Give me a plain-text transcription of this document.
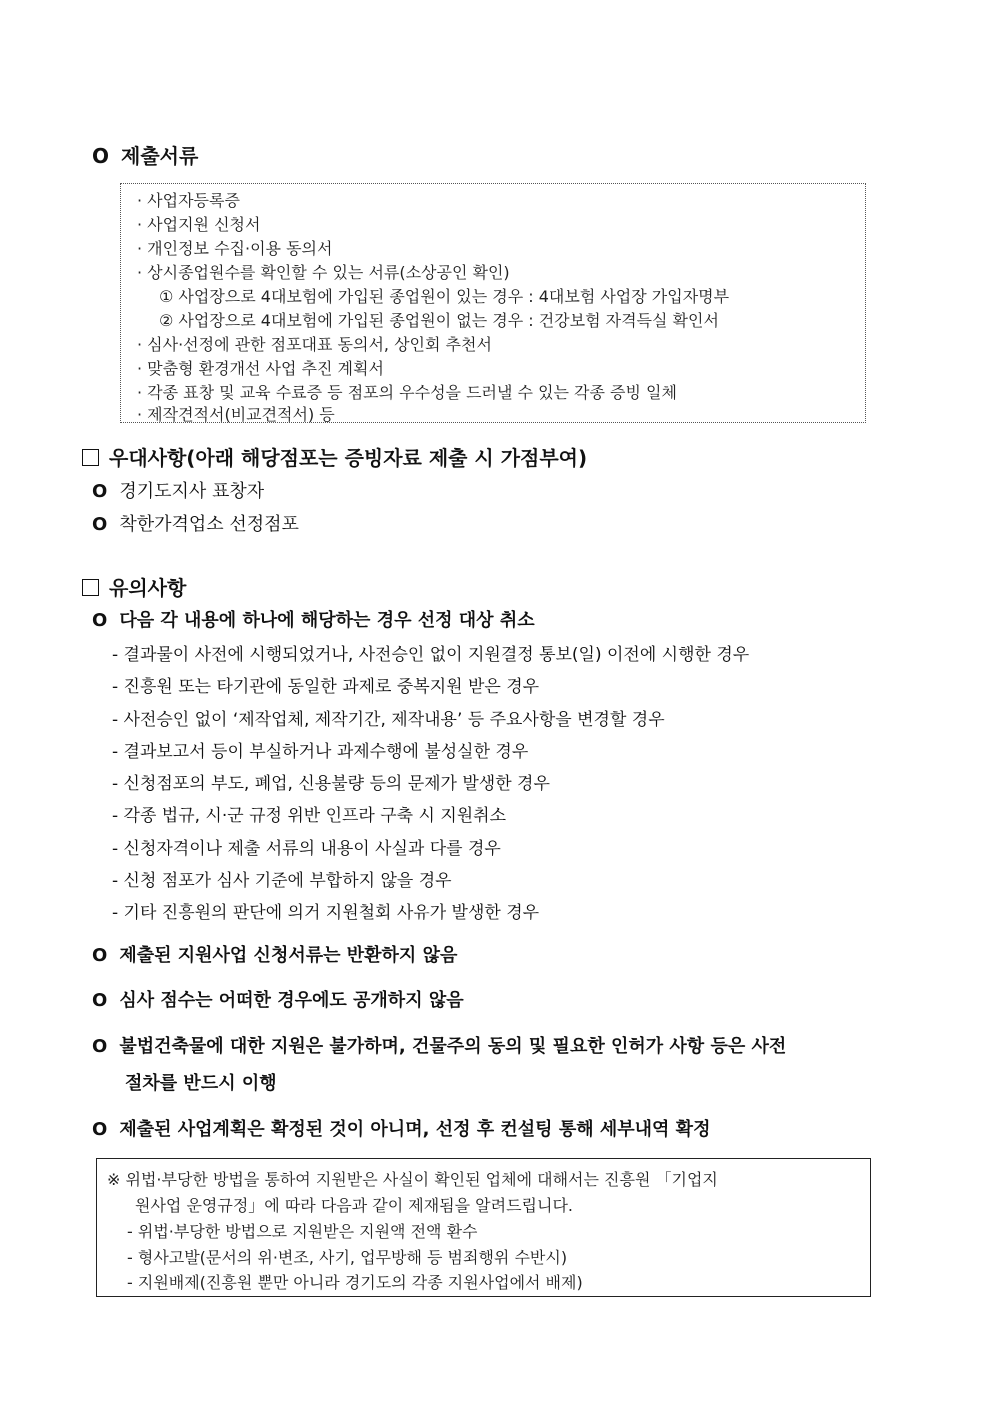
O 제출서류
· 사업자등록증
· 사업지원 신청서
· 개인정보 수집·이용 동의서
· 상시종업원수를 확인할 수 있는 서류(소상공인 확인)
① 사업장으로 4대보험에 가입된 종업원이 있는 경우 : 4대보험 사업장 가입자명부
② 사업장으로 4대보험에 가입된 종업원이 없는 경우 : 건강보험 자격득실 확인서
· 심사·선정에 관한 점포대표 동의서, 상인회 추천서
· 맞춤형 환경개선 사업 추진 계획서
· 각종 표창 및 교육 수료증 등 점포의 우수성을 드러낼 수 있는 각종 증빙 일체
· 제작견적서(비교견적서) 등
우대사항(아래 해당점포는 증빙자료 제출 시 가점부여)
O 경기도지사 표창자
O 착한가격업소 선정점포
유의사항
O 다음 각 내용에 하나에 해당하는 경우 선정 대상 취소
- 결과물이 사전에 시행되었거나, 사전승인 없이 지원결정 통보(일) 이전에 시행한 경우
- 진흥원 또는 타기관에 동일한 과제로 중복지원 받은 경우
- 사전승인 없이 ‘제작업체, 제작기간, 제작내용’ 등 주요사항을 변경할 경우
- 결과보고서 등이 부실하거나 과제수행에 불성실한 경우
- 신청점포의 부도, 폐업, 신용불량 등의 문제가 발생한 경우
- 각종 법규, 시·군 규정 위반 인프라 구축 시 지원취소
- 신청자격이나 제출 서류의 내용이 사실과 다를 경우
- 신청 점포가 심사 기준에 부합하지 않을 경우
- 기타 진흥원의 판단에 의거 지원철회 사유가 발생한 경우
O 제출된 지원사업 신청서류는 반환하지 않음
O 심사 점수는 어떠한 경우에도 공개하지 않음
O 불법건축물에 대한 지원은 불가하며, 건물주의 동의 및 필요한 인허가 사항 등은 사전
절차를 반드시 이행
O 제출된 사업계획은 확정된 것이 아니며, 선정 후 컨설팅 통해 세부내역 확정
※ 위법·부당한 방법을 통하여 지원받은 사실이 확인된 업체에 대해서는 진흥원 「기업지
원사업 운영규정」에 따라 다음과 같이 제재됨을 알려드립니다.
- 위법·부당한 방법으로 지원받은 지원액 전액 환수
- 형사고발(문서의 위·변조, 사기, 업무방해 등 범죄행위 수반시)
- 지원배제(진흥원 뿐만 아니라 경기도의 각종 지원사업에서 배제)
